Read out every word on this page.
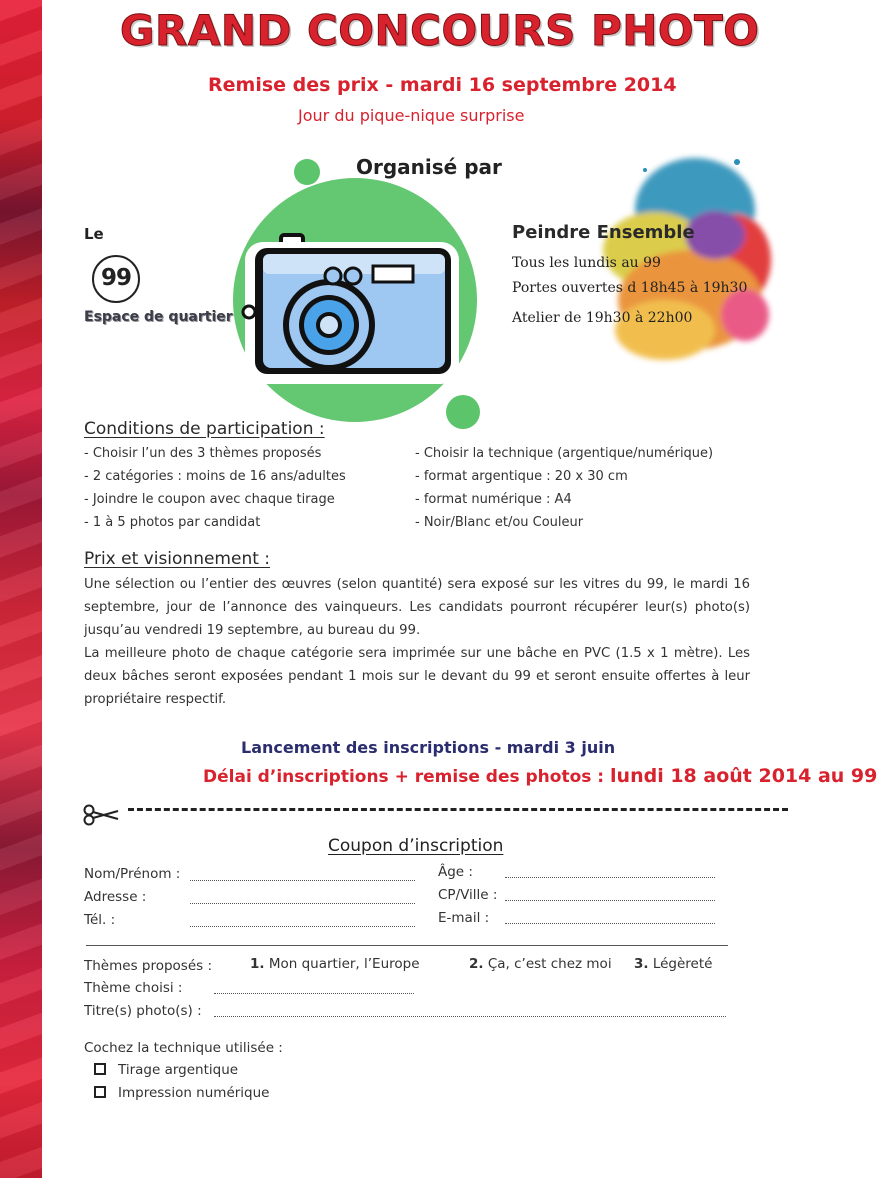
GRAND CONCOURS PHOTO
Remise des prix - mardi 16 septembre 2014
Jour du pique-nique surprise
Organisé par
Le
99
Espace de quartier
Peindre Ensemble
Tous les lundis au 99
Portes ouvertes d 18h45 à 19h30
Atelier de 19h30 à 22h00
Conditions de participation :
- Choisir l’un des 3 thèmes proposés
- 2 catégories : moins de 16 ans/adultes
- Joindre le coupon avec chaque tirage
- 1 à 5 photos par candidat
- Choisir la technique (argentique/numérique)
- format argentique : 20 x 30 cm
- format numérique : A4
- Noir/Blanc et/ou Couleur
Prix et visionnement :
Une sélection ou l’entier des œuvres (selon quantité) sera exposé sur les vitres du 99, le mardi 16 septembre, jour de l’annonce des vainqueurs. Les candidats pourront récupérer leur(s) photo(s) jusqu’au vendredi 19 septembre, au bureau du 99.
La meilleure photo de chaque catégorie sera imprimée sur une bâche en PVC (1.5 x 1 mètre). Les deux bâches seront exposées pendant 1 mois sur le devant du 99 et seront ensuite offertes à leur propriétaire respectif.
Lancement des inscriptions - mardi 3 juin
Délai d’inscriptions + remise des photos : lundi 18 août 2014 au 99
Coupon d’inscription
Nom/Prénom :
Adresse :
Tél. :
Âge :
CP/Ville :
E-mail :
Thèmes proposés :	1. Mon quartier, l’Europe	2. Ça, c’est chez moi 3. Légèreté
Thème choisi :
Titre(s) photo(s) :
Cochez la technique utilisée :
Tirage argentique
Impression numérique
